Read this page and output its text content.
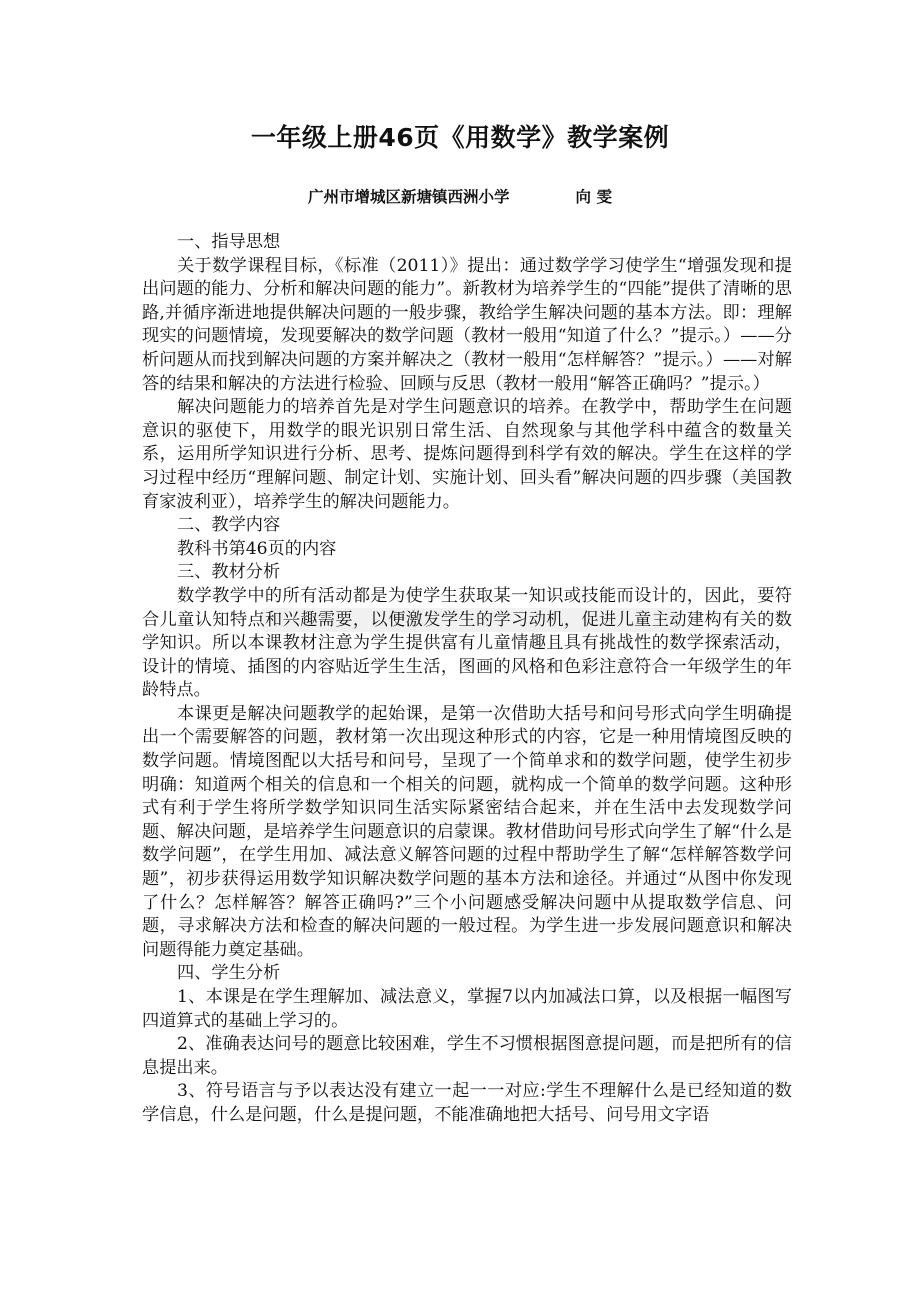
一年级上册46页《用数学》教学案例
广州市增城区新塘镇西洲小学	向 雯

一、指导思想

关于数学课程目标，《标准（2011）》提出：通过数学学习使学生“增强发现和提出问题的能力、分析和解决问题的能力”。新教材为培养学生的“四能”提供了清晰的思路,并循序渐进地提供解决问题的一般步骤，教给学生解决问题的基本方法。即：理解现实的问题情境，发现要解决的数学问题（教材一般用“知道了什么？”提示。）——分析问题从而找到解决问题的方案并解决之（教材一般用“怎样解答？”提示。）——对解答的结果和解决的方法进行检验、回顾与反思（教材一般用“解答正确吗？”提示。）

解决问题能力的培养首先是对学生问题意识的培养。在教学中，帮助学生在问题意识的驱使下，用数学的眼光识别日常生活、自然现象与其他学科中蕴含的数量关系，运用所学知识进行分析、思考、提炼问题得到科学有效的解决。学生在这样的学习过程中经历“理解问题、制定计划、实施计划、回头看”解决问题的四步骤（美国教育家波利亚），培养学生的解决问题能力。

二、教学内容

教科书第46页的内容

三、教材分析

数学教学中的所有活动都是为使学生获取某一知识或技能而设计的，因此，要符合儿童认知特点和兴趣需要，以便激发学生的学习动机，促进儿童主动建构有关的数学知识。所以本课教材注意为学生提供富有儿童情趣且具有挑战性的数学探索活动，设计的情境、插图的内容贴近学生生活，图画的风格和色彩注意符合一年级学生的年龄特点。

本课更是解决问题教学的起始课，是第一次借助大括号和问号形式向学生明确提出一个需要解答的问题，教材第一次出现这种形式的内容，它是一种用情境图反映的数学问题。情境图配以大括号和问号，呈现了一个简单求和的数学问题，使学生初步明确：知道两个相关的信息和一个相关的问题，就构成一个简单的数学问题。这种形式有利于学生将所学数学知识同生活实际紧密结合起来，并在生活中去发现数学问题、解决问题，是培养学生问题意识的启蒙课。教材借助问号形式向学生了解“什么是数学问题”，在学生用加、减法意义解答问题的过程中帮助学生了解“怎样解答数学问题”，初步获得运用数学知识解决数学问题的基本方法和途径。并通过“从图中你发现了什么？怎样解答？解答正确吗?”三个小问题感受解决问题中从提取数学信息、问题，寻求解决方法和检查的解决问题的一般过程。为学生进一步发展问题意识和解决问题得能力奠定基础。

四、学生分析

1、本课是在学生理解加、减法意义，掌握7以内加减法口算，以及根据一幅图写四道算式的基础上学习的。

2、准确表达问号的题意比较困难，学生不习惯根据图意提问题，而是把所有的信息提出来。

3、符号语言与予以表达没有建立一起一一对应:学生不理解什么是已经知道的数学信息，什么是问题，什么是提问题，不能准确地把大括号、问号用文字语
